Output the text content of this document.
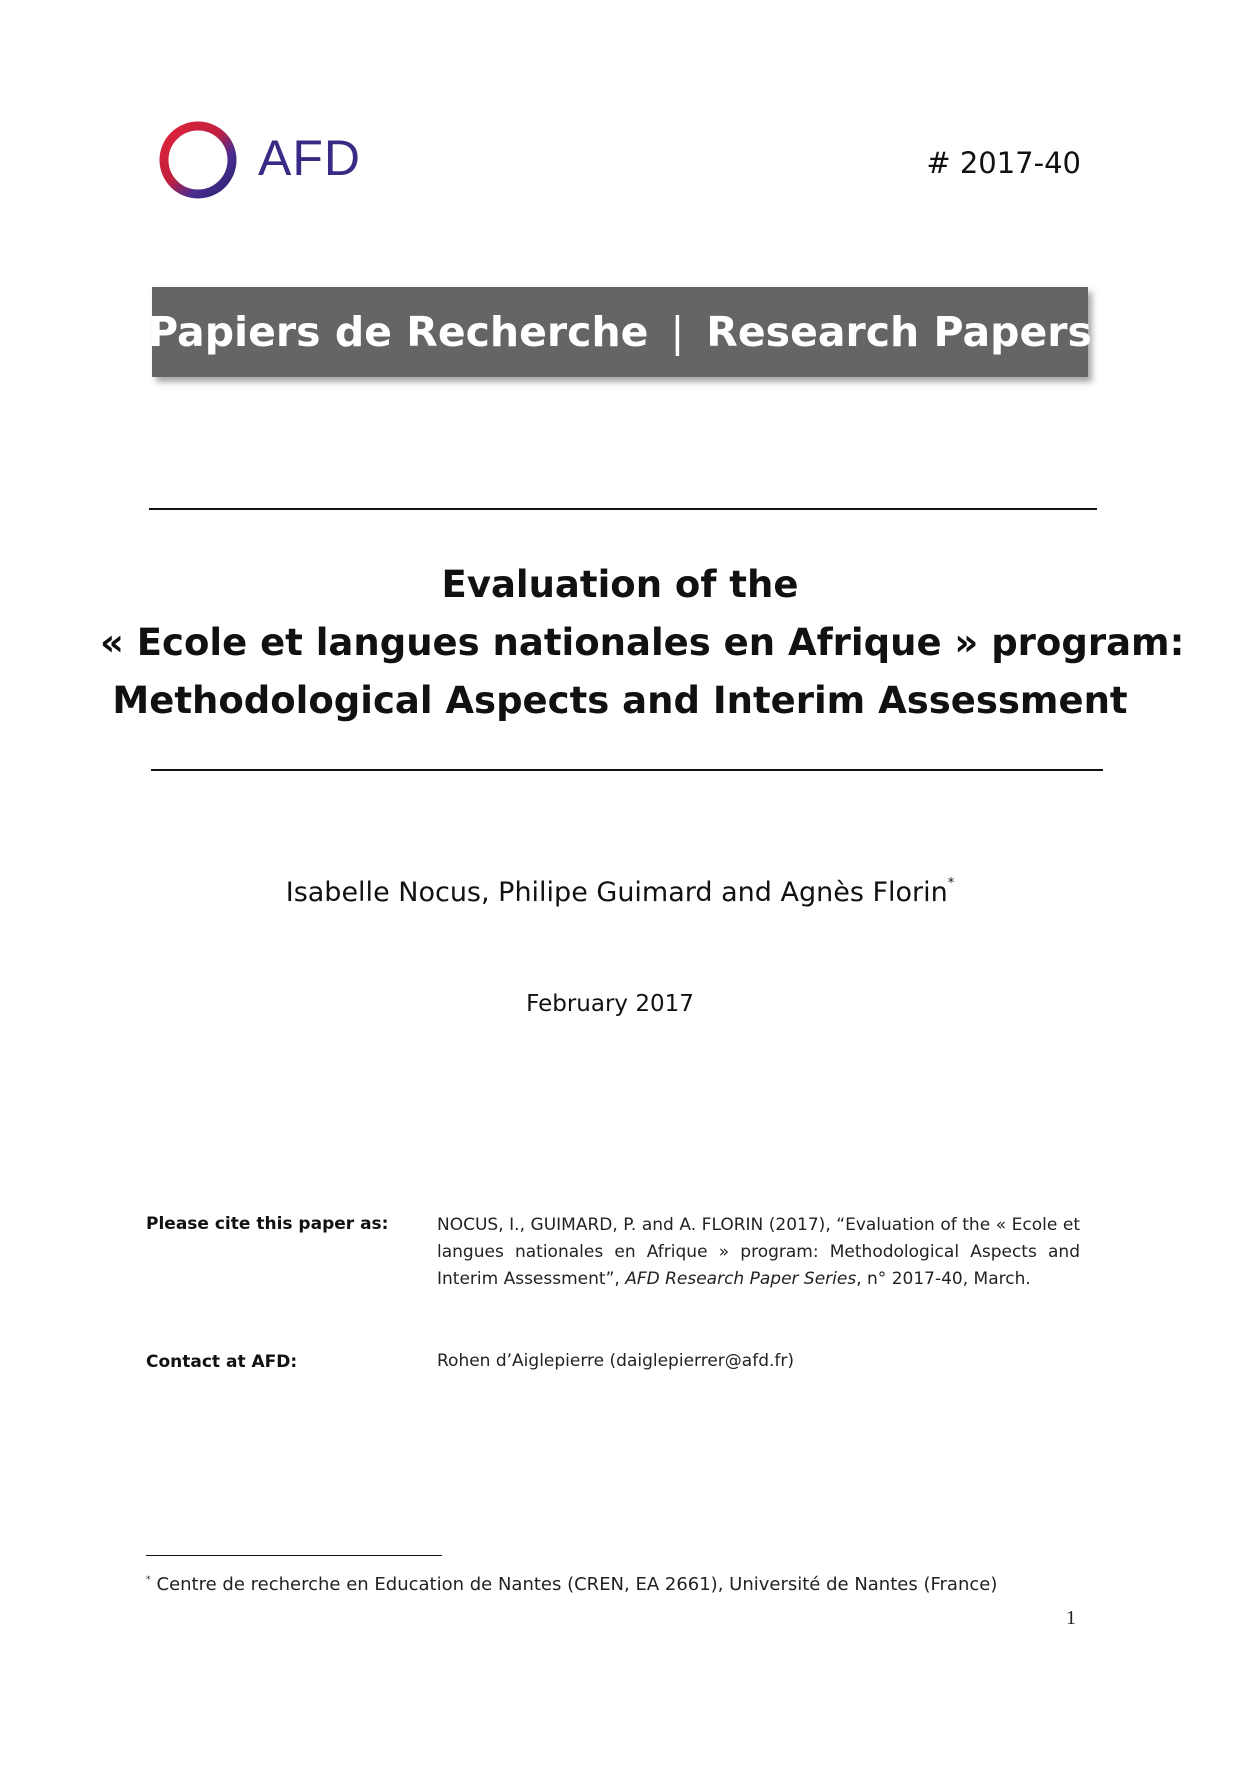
AFD	# 2017-40
Papiers de Recherche | Research Papers
Evaluation of the
« Ecole et langues nationales en Afrique » program:
Methodological Aspects and Interim Assessment
Isabelle Nocus, Philipe Guimard and Agnès Florin*
February 2017
Please cite this paper as:	NOCUS, I., GUIMARD, P. and A. FLORIN (2017), “Evaluation of the « Ecole et langues nationales en Afrique » program: Methodological Aspects and Interim Assessment”, AFD Research Paper Series, n° 2017-40, March.
Contact at AFD:	Rohen d’Aiglepierre (daiglepierrer@afd.fr)
* Centre de recherche en Education de Nantes (CREN, EA 2661), Université de Nantes (France)
1
